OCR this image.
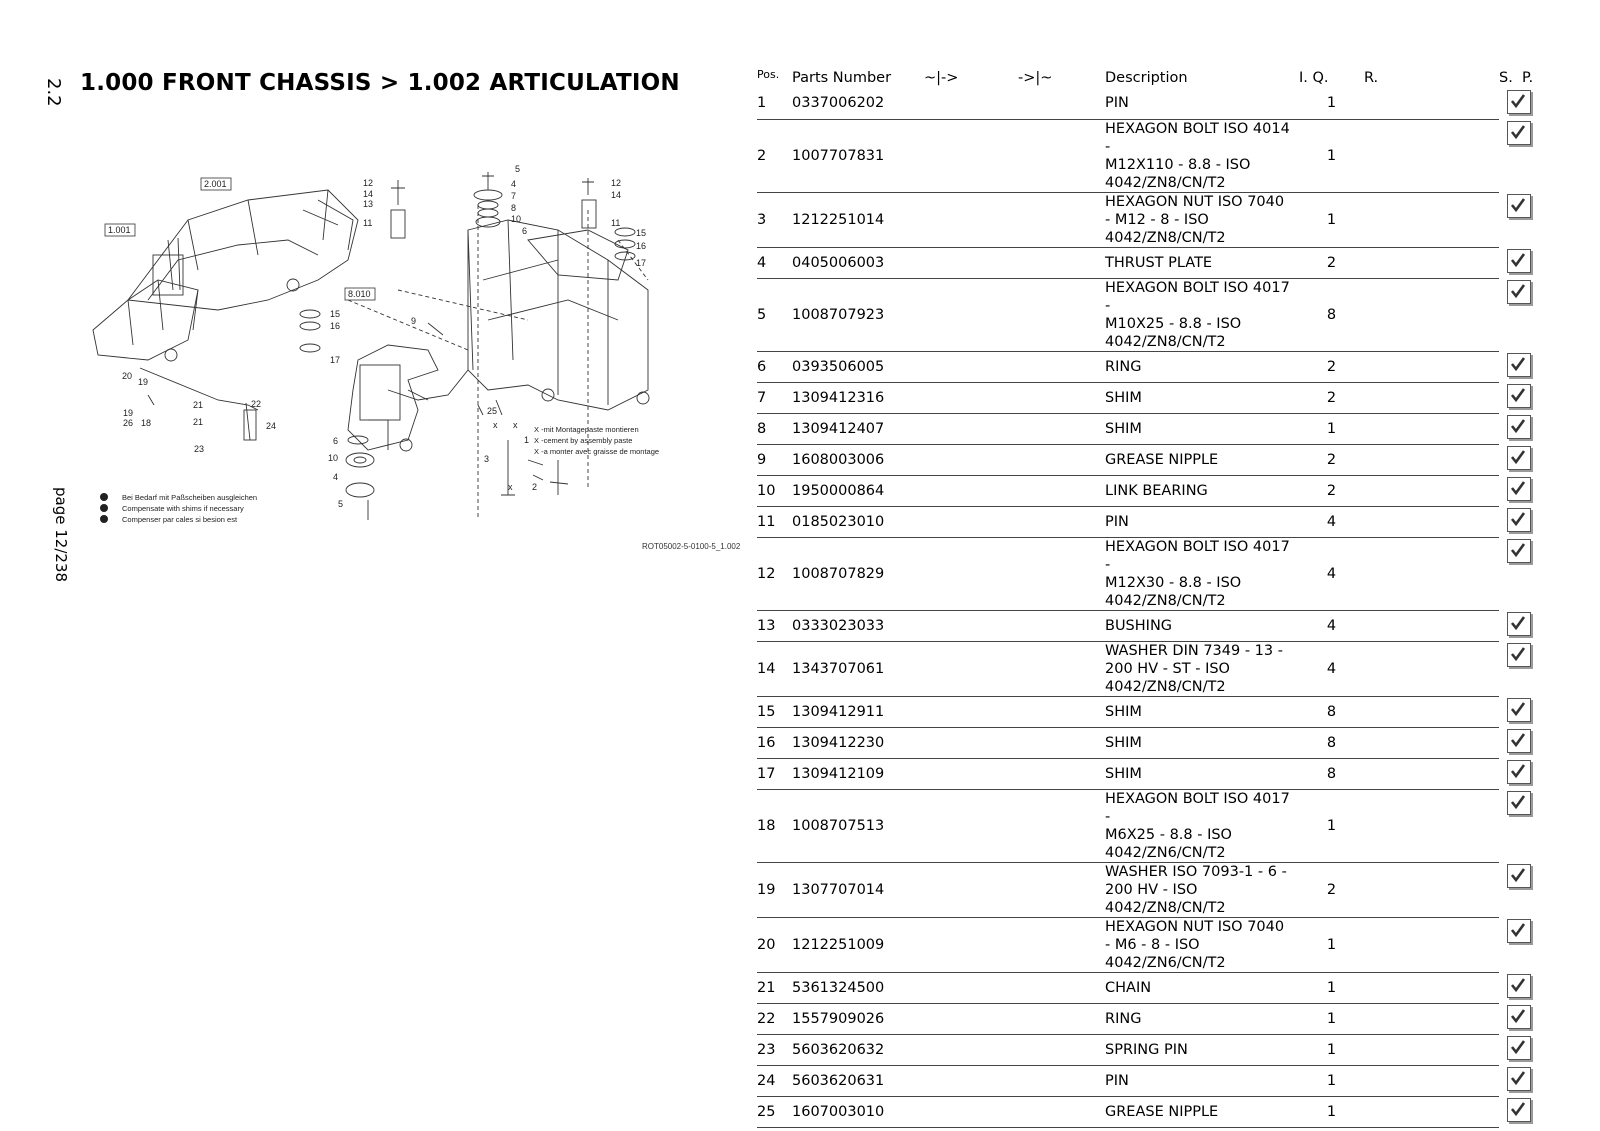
2.2
page 12/238
1.000 FRONT CHASSIS > 1.002 ARTICULATION
2.001
1.001
8.010
5
4
7
8
10
6
12
14
13
11
12
14
11
15
16
17
15
16
17
9
20
19
19
26 18
21	22
21	24
23
25
1
3
6
10
4
5
2
x x
x
X -mit Montagepaste montieren
X -cement by assembly paste
X -a monter avec graisse de montage
Bei Bedarf mit Paßscheiben ausgleichen
Compensate with shims if necessary
Compenser par cales si besion est
ROT05002-5-0100-5_1.002
Pos.	Parts Number	~|->	->|~	Description	I. Q.	R.	S. P.
1	0337006202			PIN	1		

2	1007707831			HEXAGON BOLT ISO 4014 -
M12X110 - 8.8 - ISO
4042/ZN8/CN/T2	1		

3	1212251014			HEXAGON NUT ISO 7040
- M12 - 8 - ISO
4042/ZN8/CN/T2	1		

4	0405006003			THRUST PLATE	2		

5	1008707923			HEXAGON BOLT ISO 4017 -
M10X25 - 8.8 - ISO
4042/ZN8/CN/T2	8		

6	0393506005			RING	2		

7	1309412316			SHIM	2		

8	1309412407			SHIM	1		

9	1608003006			GREASE NIPPLE	2		

10	1950000864			LINK BEARING	2		

11	0185023010			PIN	4		

12	1008707829			HEXAGON BOLT ISO 4017 -
M12X30 - 8.8 - ISO
4042/ZN8/CN/T2	4		

13	0333023033			BUSHING	4		

14	1343707061			WASHER DIN 7349 - 13 -
200 HV - ST - ISO
4042/ZN8/CN/T2	4		

15	1309412911			SHIM	8		

16	1309412230			SHIM	8		

17	1309412109			SHIM	8		

18	1008707513			HEXAGON BOLT ISO 4017 -
M6X25 - 8.8 - ISO
4042/ZN6/CN/T2	1		

19	1307707014			WASHER ISO 7093-1 - 6 -
200 HV - ISO
4042/ZN8/CN/T2	2		

20	1212251009			HEXAGON NUT ISO 7040
- M6 - 8 - ISO
4042/ZN6/CN/T2	1		

21	5361324500			CHAIN	1		

22	1557909026			RING	1		

23	5603620632			SPRING PIN	1		

24	5603620631			PIN	1		

25	1607003010			GREASE NIPPLE	1		
